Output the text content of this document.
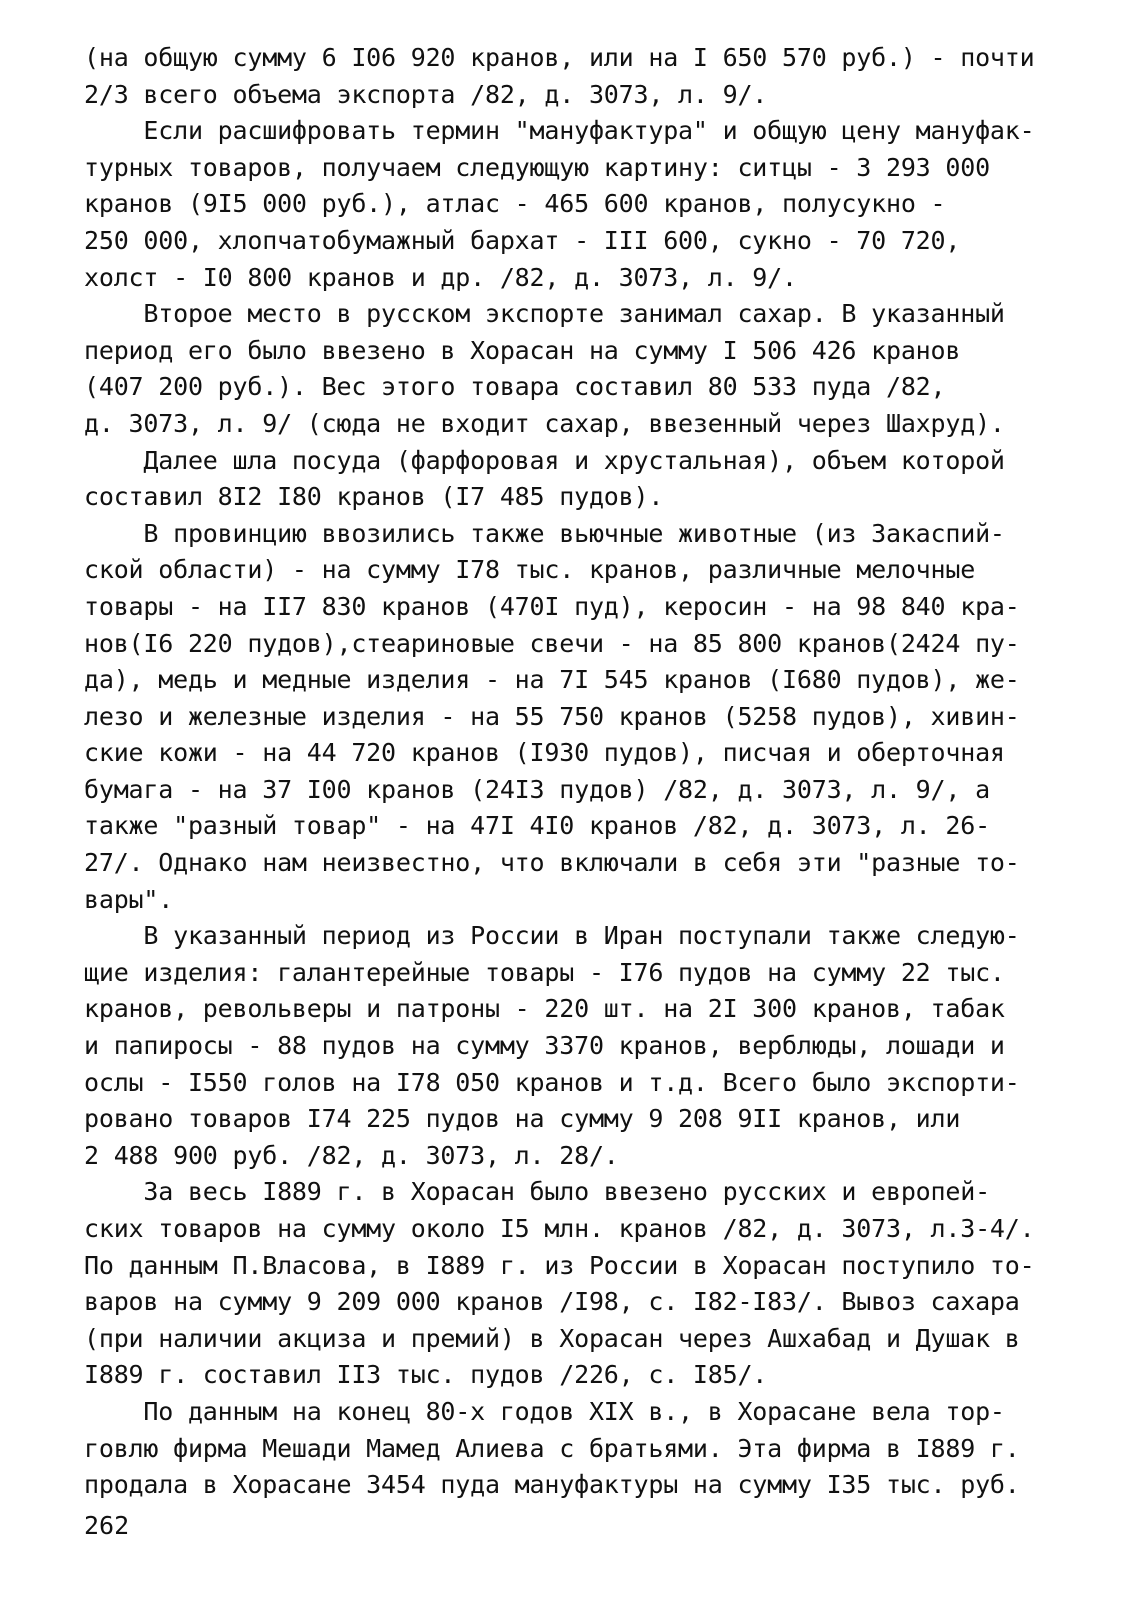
(на общую сумму 6 I06 920 кранов, или на I 650 570 руб.) - почти
2/3 всего объема экспорта /82, д. 3073, л. 9/.
Если расшифровать термин "мануфактура" и общую цену мануфак-
турных товаров, получаем следующую картину: ситцы - 3 293 000
кранов (9I5 000 руб.), атлас - 465 600 кранов, полусукно -
250 000, хлопчатобумажный бархат - III 600, сукно - 70 720,
холст - I0 800 кранов и др. /82, д. 3073, л. 9/.
Второе место в русском экспорте занимал сахар. В указанный
период его было ввезено в Хорасан на сумму I 506 426 кранов
(407 200 руб.). Вес этого товара составил 80 533 пуда /82,
д. 3073, л. 9/ (сюда не входит сахар, ввезенный через Шахруд).
Далее шла посуда (фарфоровая и хрустальная), объем которой
составил 8I2 I80 кранов (I7 485 пудов).
В провинцию ввозились также вьючные животные (из Закаспий-
ской области) - на сумму I78 тыс. кранов, различные мелочные
товары - на II7 830 кранов (470I пуд), керосин - на 98 840 кра-
нов(I6 220 пудов),стеариновые свечи - на 85 800 кранов(2424 пу-
да), медь и медные изделия - на 7I 545 кранов (I680 пудов), же-
лезо и железные изделия - на 55 750 кранов (5258 пудов), хивин-
ские кожи - на 44 720 кранов (I930 пудов), писчая и оберточная
бумага - на 37 I00 кранов (24I3 пудов) /82, д. 3073, л. 9/, а
также "разный товар" - на 47I 4I0 кранов /82, д. 3073, л. 26-
27/. Однако нам неизвестно, что включали в себя эти "разные то-
вары".
В указанный период из России в Иран поступали также следую-
щие изделия: галантерейные товары - I76 пудов на сумму 22 тыс.
кранов, револьверы и патроны - 220 шт. на 2I 300 кранов, табак
и папиросы - 88 пудов на сумму 3370 кранов, верблюды, лошади и
ослы - I550 голов на I78 050 кранов и т.д. Всего было экспорти-
ровано товаров I74 225 пудов на сумму 9 208 9II кранов, или
2 488 900 руб. /82, д. 3073, л. 28/.
За весь I889 г. в Хорасан было ввезено русских и европей-
ских товаров на сумму около I5 млн. кранов /82, д. 3073, л.3-4/.
По данным П.Власова, в I889 г. из России в Хорасан поступило то-
варов на сумму 9 209 000 кранов /I98, с. I82-I83/. Вывоз сахара
(при наличии акциза и премий) в Хорасан через Ашхабад и Душак в
I889 г. составил II3 тыс. пудов /226, с. I85/.
По данным на конец 80-х годов XIX в., в Хорасане вела тор-
говлю фирма Мешади Мамед Алиева с братьями. Эта фирма в I889 г.
продала в Хорасане 3454 пуда мануфактуры на сумму I35 тыс. руб.
262
